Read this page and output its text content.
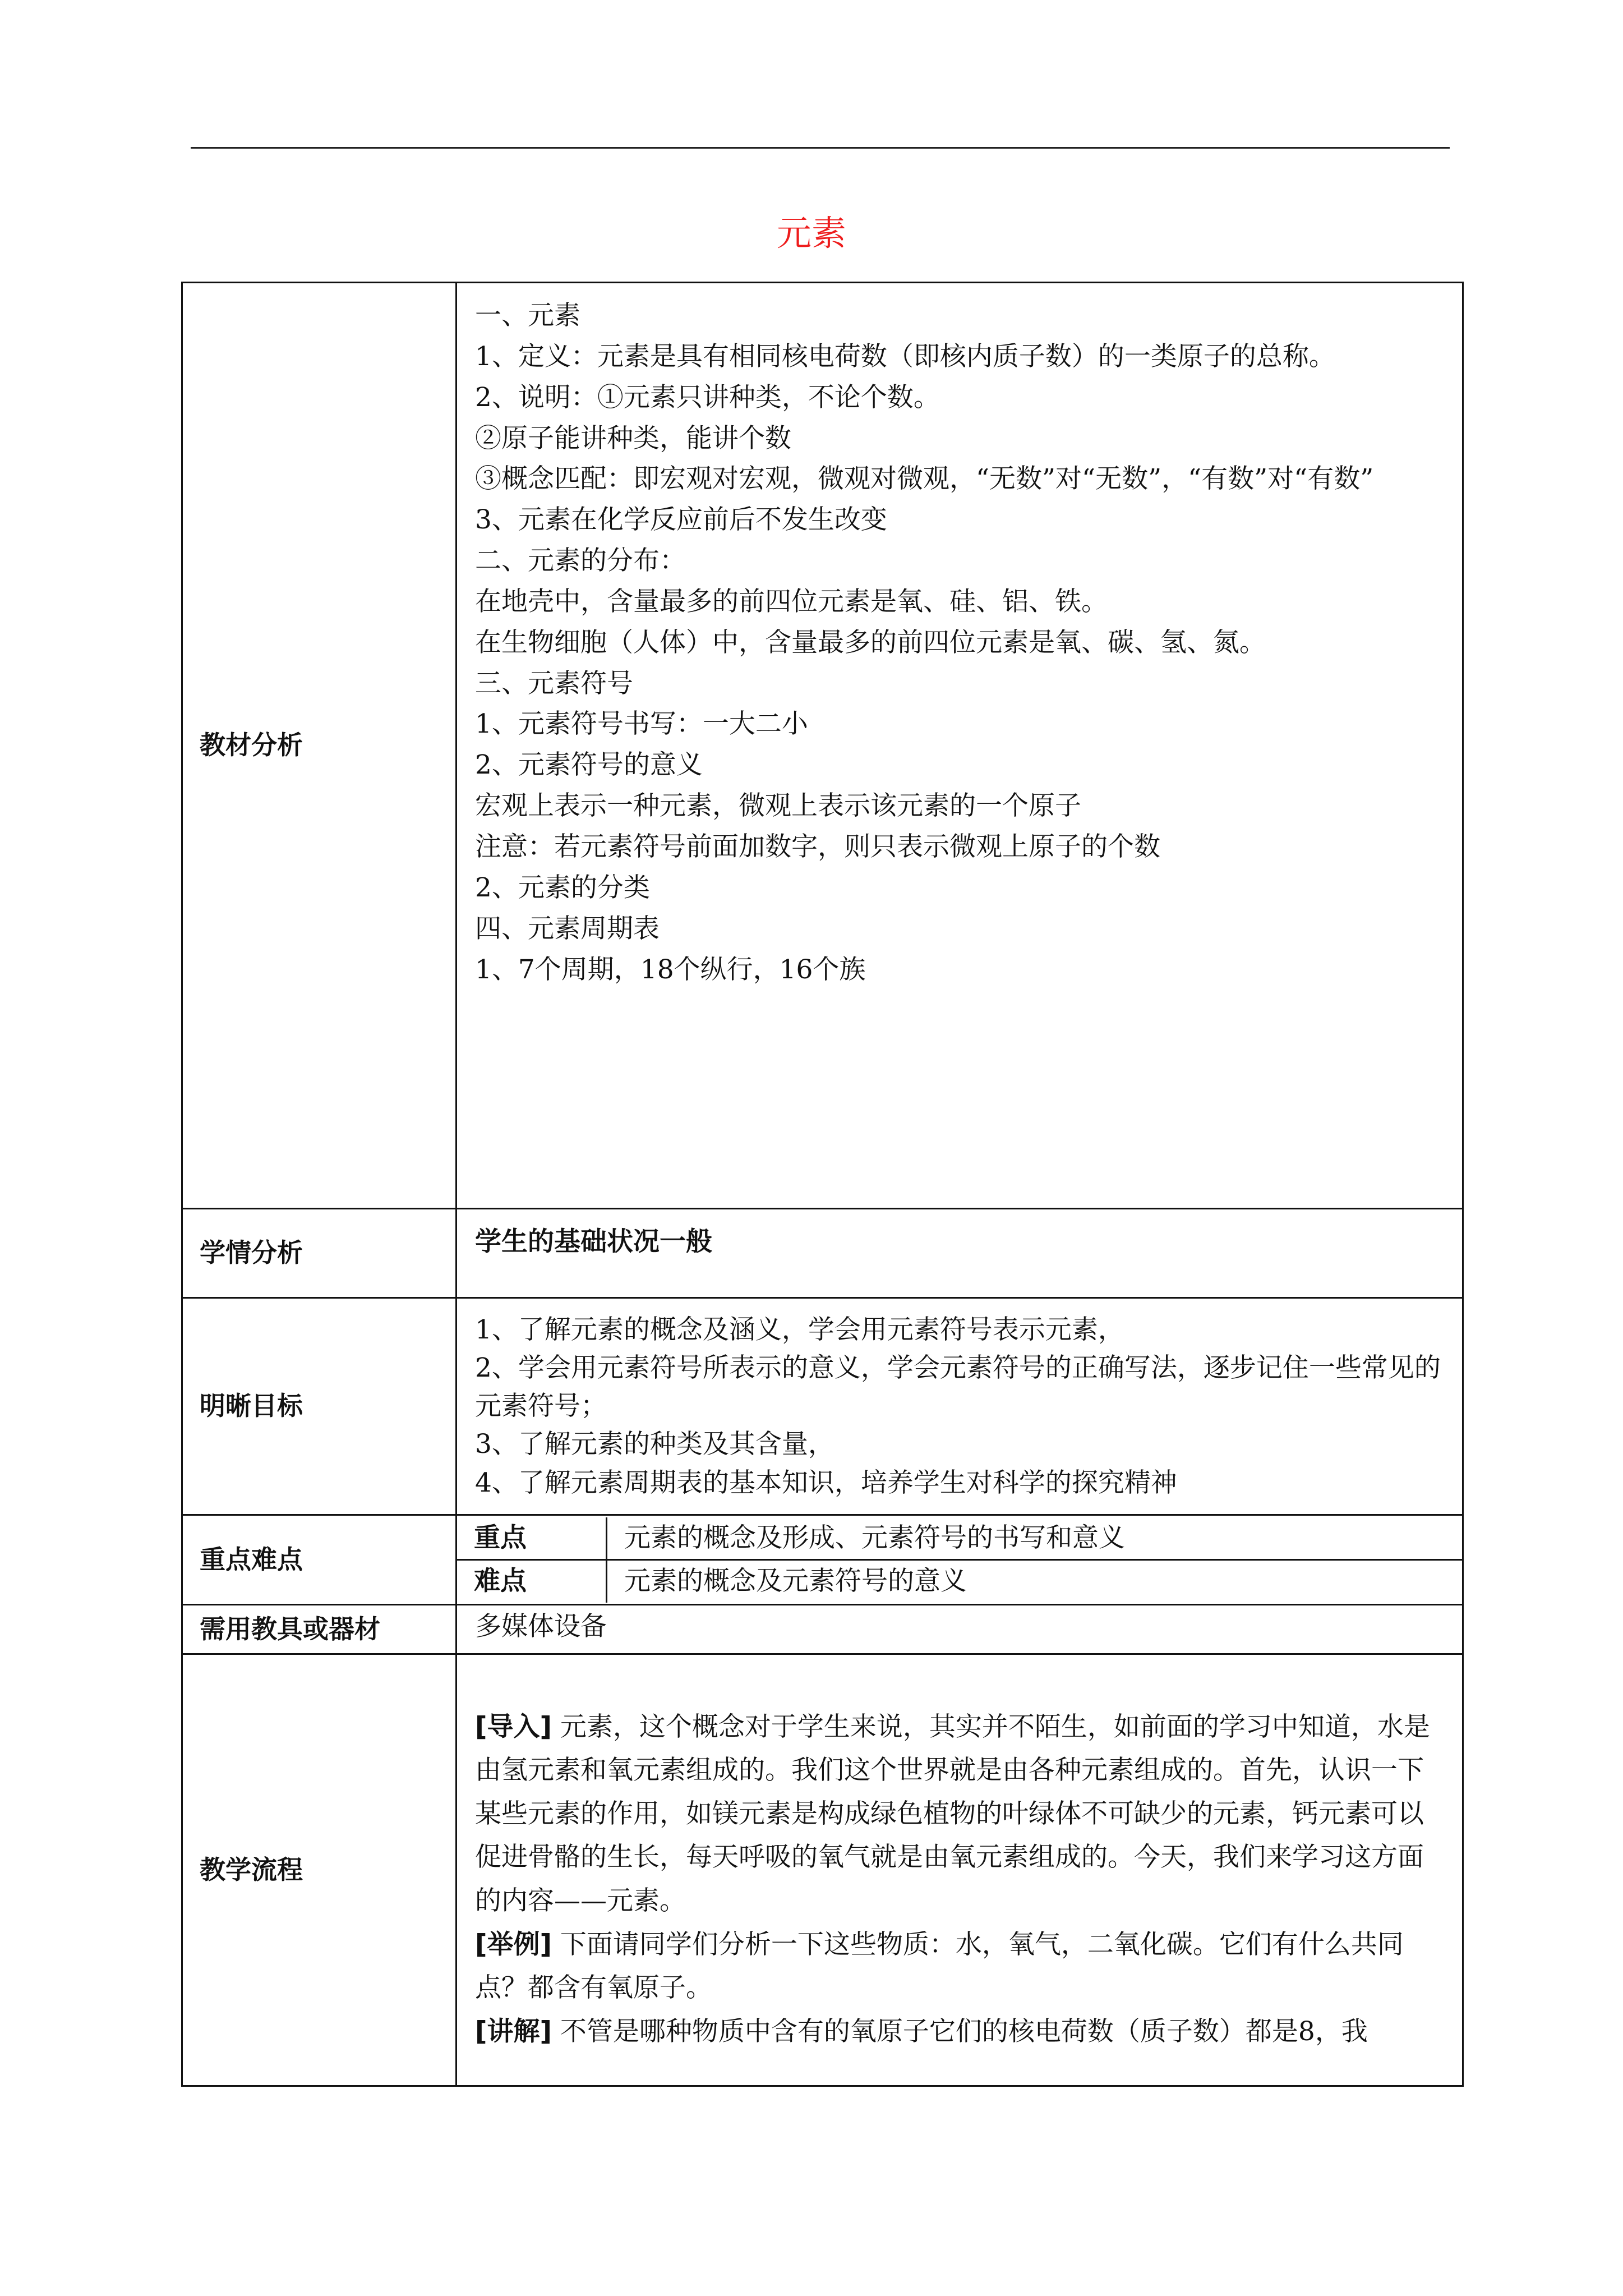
元素
教材分析	

一、元素

1、定义：元素是具有相同核电荷数（即核内质子数）的一类原子的总称。

2、说明：①元素只讲种类，不论个数。

②原子能讲种类，能讲个数

③概念匹配：即宏观对宏观，微观对微观，“无数”对“无数”，“有数”对“有数”

3、元素在化学反应前后不发生改变

二、元素的分布：

在地壳中，含量最多的前四位元素是氧、硅、铝、铁。

在生物细胞（人体）中，含量最多的前四位元素是氧、碳、氢、氮。

三、元素符号

1、元素符号书写：一大二小

2、元素符号的意义

宏观上表示一种元素，微观上表示该元素的一个原子

注意：若元素符号前面加数字，则只表示微观上原子的个数

2、元素的分类

四、元素周期表

1、7个周期，18个纵行，16个族

学情分析	学生的基础状况一般

明晰目标	

1、了解元素的概念及涵义，学会用元素符号表示元素，

2、学会用元素符号所表示的意义，学会元素符号的正确写法，逐步记住一些常见的元素符号；

3、了解元素的种类及其含量，

4、了解元素周期表的基本知识，培养学生对科学的探究精神

重点难点	
重点	元素的概念及形成、元素符号的书写和意义
难点	元素的概念及元素符号的意义

需用教具或器材	多媒体设备

教学流程	

[导入] 元素，这个概念对于学生来说，其实并不陌生，如前面的学习中知道，水是由氢元素和氧元素组成的。我们这个世界就是由各种元素组成的。首先，认识一下某些元素的作用，如镁元素是构成绿色植物的叶绿体不可缺少的元素，钙元素可以促进骨骼的生长，每天呼吸的氧气就是由氧元素组成的。今天，我们来学习这方面的内容——元素。

[举例] 下面请同学们分析一下这些物质：水，氧气，二氧化碳。它们有什么共同点？都含有氧原子。

[讲解] 不管是哪种物质中含有的氧原子它们的核电荷数（质子数）都是8，我
